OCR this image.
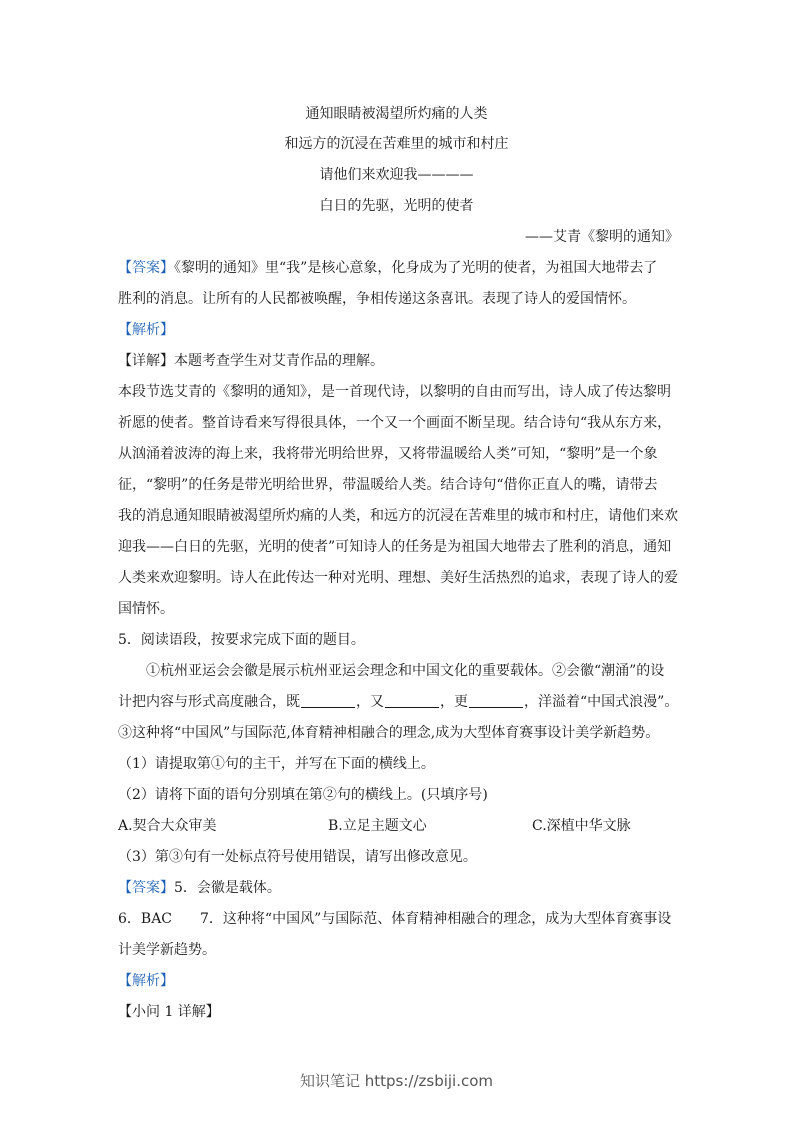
通知眼睛被渴望所灼痛的人类
和远方的沉浸在苦难里的城市和村庄
请他们来欢迎我————
白日的先驱，光明的使者
——艾青《黎明的通知》
【答案】《黎明的通知》里“我”是核心意象，化身成为了光明的使者，为祖国大地带去了
胜利的消息。让所有的人民都被唤醒，争相传递这条喜讯。表现了诗人的爱国情怀。
【解析】
【详解】本题考查学生对艾青作品的理解。
本段节选艾青的《黎明的通知》，是一首现代诗，以黎明的自由而写出，诗人成了传达黎明
祈愿的使者。整首诗看来写得很具体，一个又一个画面不断呈现。结合诗句“我从东方来，
从汹涌着波涛的海上来，我将带光明给世界，又将带温暖给人类”可知，“黎明”是一个象
征，“黎明”的任务是带光明给世界，带温暖给人类。结合诗句“借你正直人的嘴，请带去
我的消息通知眼睛被渴望所灼痛的人类，和远方的沉浸在苦难里的城市和村庄，请他们来欢
迎我——白日的先驱，光明的使者”可知诗人的任务是为祖国大地带去了胜利的消息，通知
人类来欢迎黎明。诗人在此传达一种对光明、理想、美好生活热烈的追求，表现了诗人的爱
国情怀。
5．阅读语段，按要求完成下面的题目。
①杭州亚运会会徽是展示杭州亚运会理念和中国文化的重要载体。②会徽“潮涌”的设
计把内容与形式高度融合，既	，又	，更	，洋溢着“中国式浪漫”。
③这种将“中国风”与国际范,体育精神相融合的理念,成为大型体育赛事设计美学新趋势。
（1）请提取第①句的主干，并写在下面的横线上。
（2）请将下面的语句分别填在第②句的横线上。(只填序号)
A.契合大众审美	B.立足主题文心	C.深植中华文脉
（3）第③句有一处标点符号使用错误，请写出修改意见。
【答案】5．会徽是载体。
6．BAC　　7．这种将“中国风”与国际范、体育精神相融合的理念，成为大型体育赛事设
计美学新趋势。
【解析】
【小问 1 详解】
知识笔记 https://zsbiji.com
